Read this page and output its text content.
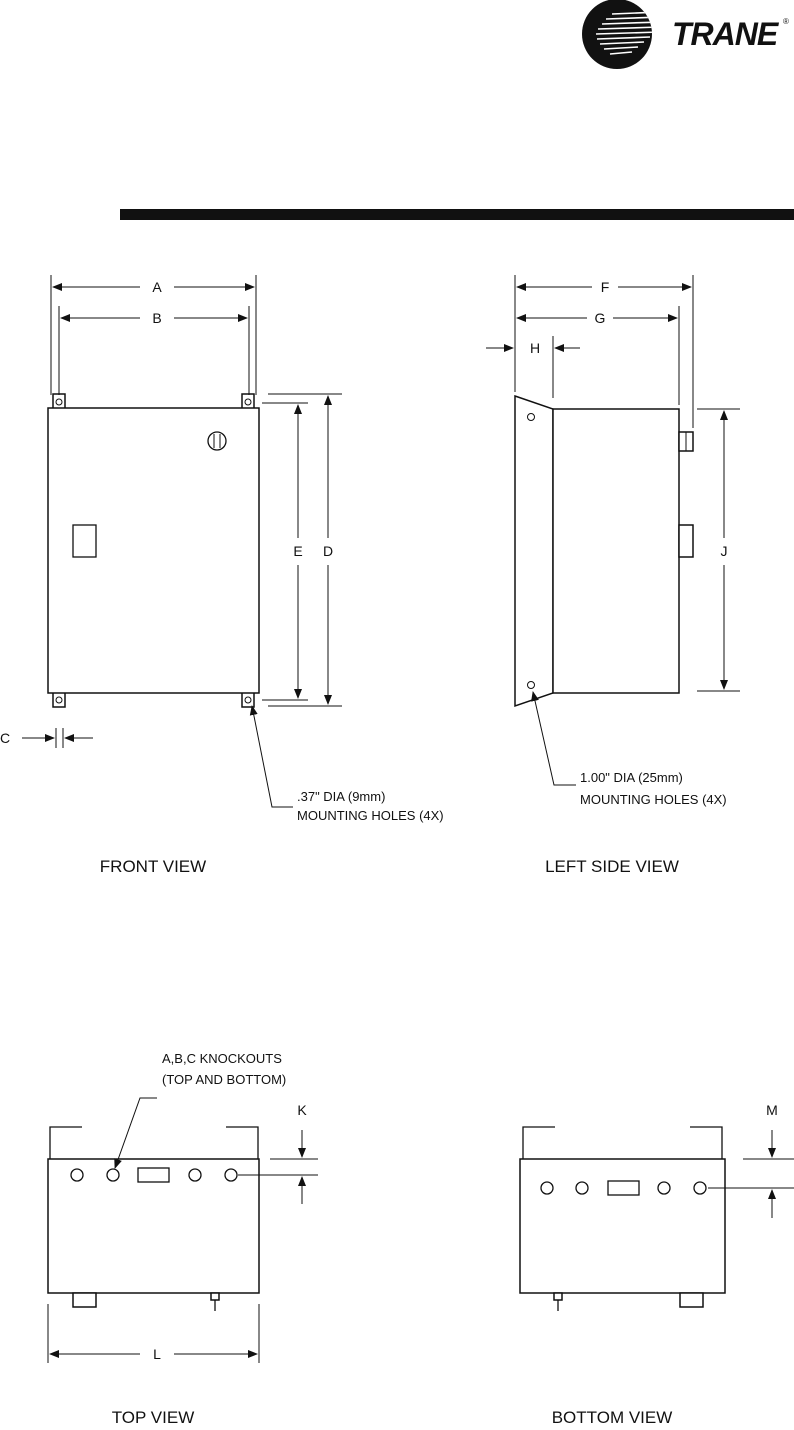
TRANE ®
A
B
E D
C
.37" DIA (9mm)
MOUNTING HOLES (4X)
FRONT VIEW
F
G
H
J
1.00" DIA (25mm)
MOUNTING HOLES (4X)
LEFT SIDE VIEW
K
L
A,B,C KNOCKOUTS
(TOP AND BOTTOM)
TOP VIEW
M
BOTTOM VIEW
